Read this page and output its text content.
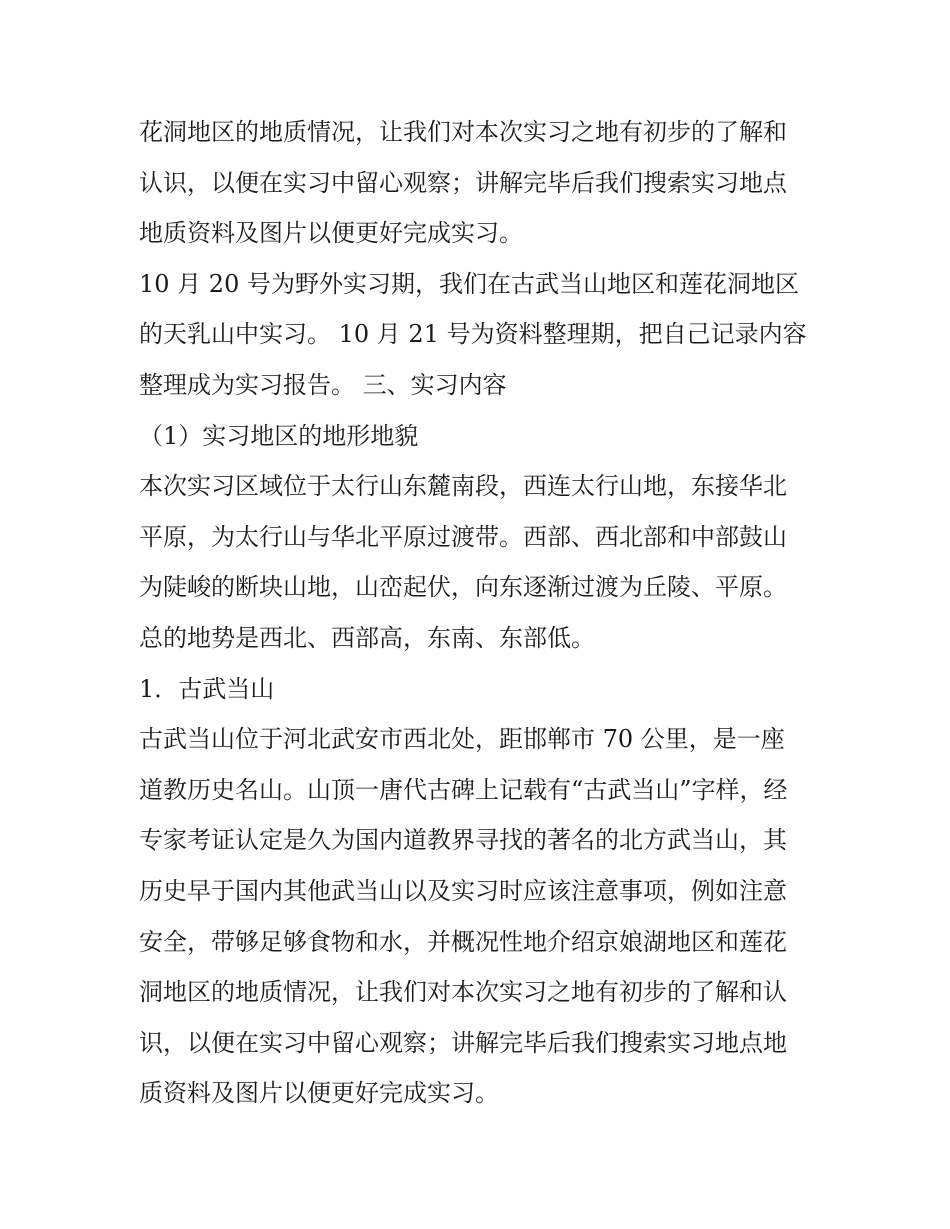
花洞地区的地质情况，让我们对本次实习之地有初步的了解和
认识，以便在实习中留心观察；讲解完毕后我们搜索实习地点
地质资料及图片以便更好完成实习。
10 月 20 号为野外实习期，我们在古武当山地区和莲花洞地区
的天乳山中实习。 10 月 21 号为资料整理期，把自己记录内容
整理成为实习报告。 三、实习内容
（1）实习地区的地形地貌
本次实习区域位于太行山东麓南段，西连太行山地，东接华北
平原，为太行山与华北平原过渡带。西部、西北部和中部鼓山
为陡峻的断块山地，山峦起伏，向东逐渐过渡为丘陵、平原。
总的地势是西北、西部高，东南、东部低。
1．古武当山
古武当山位于河北武安市西北处，距邯郸市 70 公里，是一座
道教历史名山。山顶一唐代古碑上记载有“古武当山”字样，经
专家考证认定是久为国内道教界寻找的著名的北方武当山，其
历史早于国内其他武当山以及实习时应该注意事项，例如注意
安全，带够足够食物和水，并概况性地介绍京娘湖地区和莲花
洞地区的地质情况，让我们对本次实习之地有初步的了解和认
识，以便在实习中留心观察；讲解完毕后我们搜索实习地点地
质资料及图片以便更好完成实习。
